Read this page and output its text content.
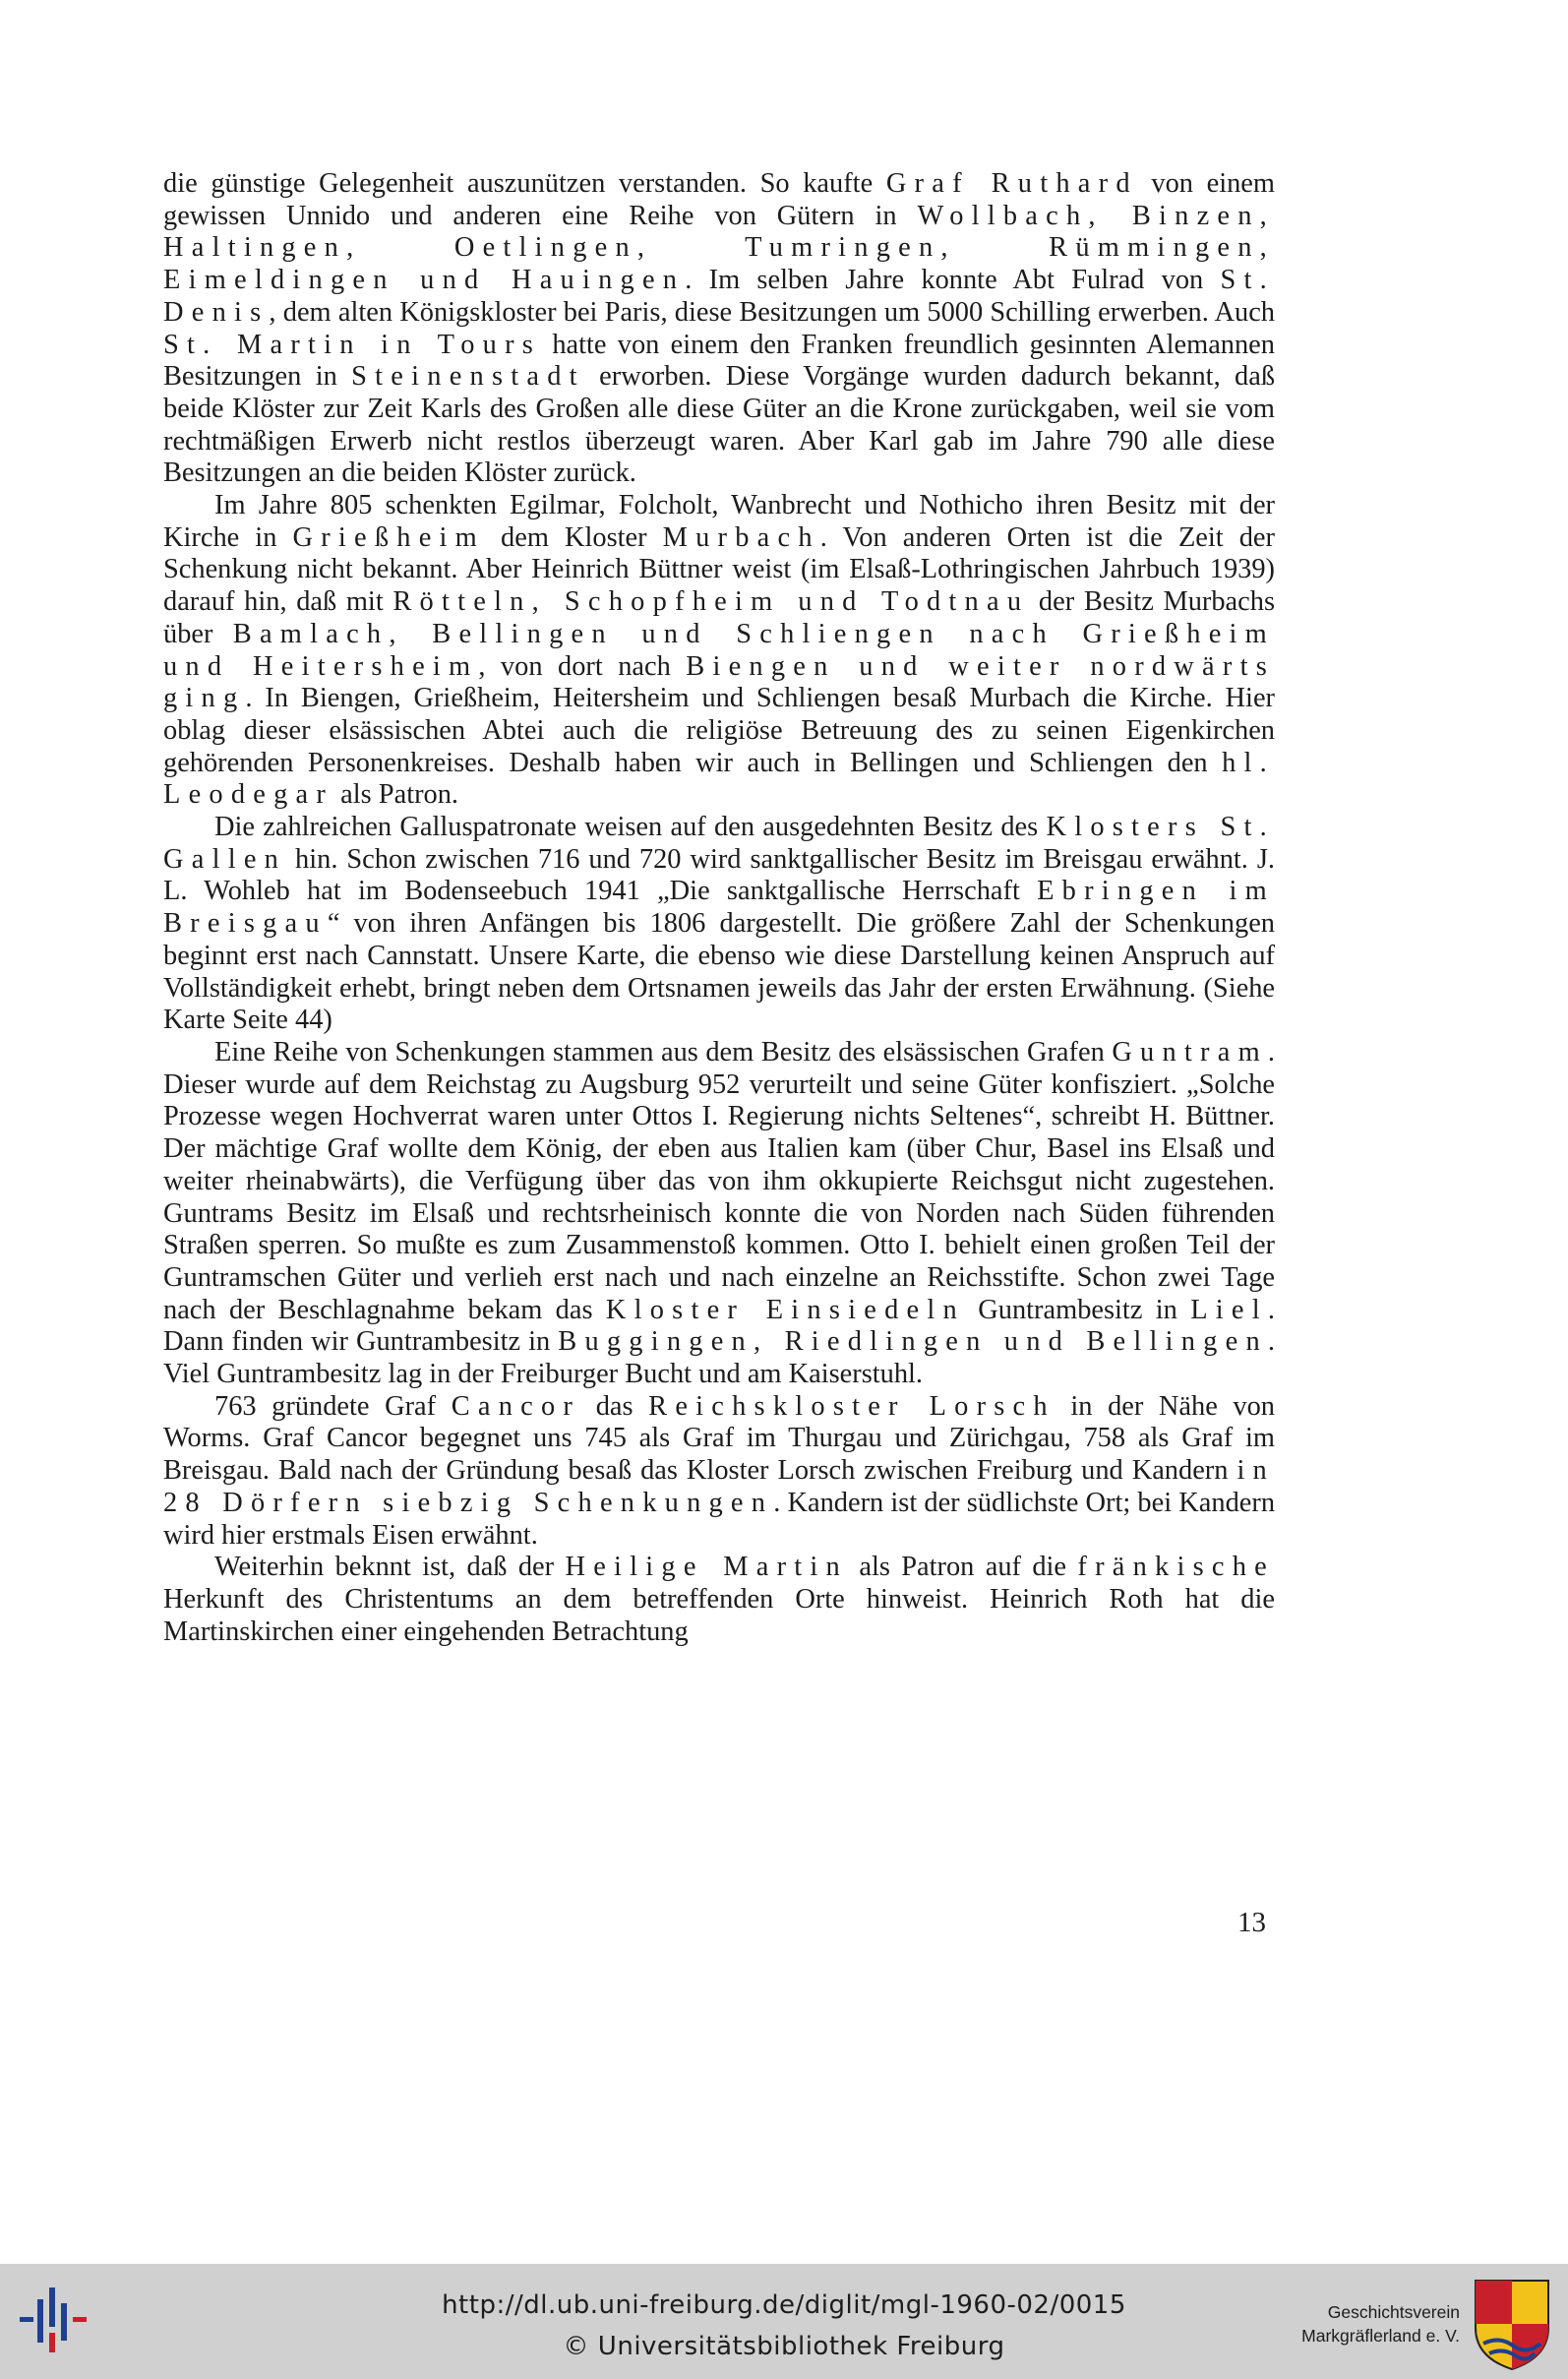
die günstige Gelegenheit auszunützen verstanden. So kaufte Graf Ruthard von einem gewissen Unnido und anderen eine Reihe von Gütern in Wollbach, Binzen, Haltingen, Oetlingen, Tumringen, Rümmingen, Eimeldingen und Hauingen. Im selben Jahre konnte Abt Fulrad von St. Denis, dem alten Königskloster bei Paris, diese Besitzungen um 5000 Schilling erwerben. Auch St. Martin in Tours hatte von einem den Franken freundlich gesinnten Alemannen Besitzungen in Steinenstadt erworben. Diese Vorgänge wurden dadurch bekannt, daß beide Klöster zur Zeit Karls des Großen alle diese Güter an die Krone zurückgaben, weil sie vom rechtmäßigen Erwerb nicht restlos überzeugt waren. Aber Karl gab im Jahre 790 alle diese Besitzungen an die beiden Klöster zurück.

Im Jahre 805 schenkten Egilmar, Folcholt, Wanbrecht und Nothicho ihren Besitz mit der Kirche in Grießheim dem Kloster Murbach. Von anderen Orten ist die Zeit der Schenkung nicht bekannt. Aber Heinrich Büttner weist (im Elsaß-Lothringischen Jahrbuch 1939) darauf hin, daß mit Rötteln, Schopfheim und Todtnau der Besitz Murbachs über Bamlach, Bellingen und Schliengen nach Grießheim und Heitersheim, von dort nach Biengen und weiter nordwärts ging. In Biengen, Grießheim, Heitersheim und Schliengen besaß Murbach die Kirche. Hier oblag dieser elsässischen Abtei auch die religiöse Betreuung des zu seinen Eigenkirchen gehörenden Personenkreises. Deshalb haben wir auch in Bellingen und Schliengen den hl. Leodegar als Patron.

Die zahlreichen Galluspatronate weisen auf den ausgedehnten Besitz des Klosters St. Gallen hin. Schon zwischen 716 und 720 wird sanktgallischer Besitz im Breisgau erwähnt. J. L. Wohleb hat im Bodenseebuch 1941 „Die sanktgallische Herrschaft Ebringen im Breisgau“ von ihren Anfängen bis 1806 dargestellt. Die größere Zahl der Schenkungen beginnt erst nach Cannstatt. Unsere Karte, die ebenso wie diese Darstellung keinen Anspruch auf Vollständigkeit erhebt, bringt neben dem Ortsnamen jeweils das Jahr der ersten Erwähnung. (Siehe Karte Seite 44)

Eine Reihe von Schenkungen stammen aus dem Besitz des elsässischen Grafen Guntram. Dieser wurde auf dem Reichstag zu Augsburg 952 verurteilt und seine Güter konfisziert. „Solche Prozesse wegen Hochverrat waren unter Ottos I. Regierung nichts Seltenes“, schreibt H. Büttner. Der mächtige Graf wollte dem König, der eben aus Italien kam (über Chur, Basel ins Elsaß und weiter rheinabwärts), die Verfügung über das von ihm okkupierte Reichsgut nicht zugestehen. Guntrams Besitz im Elsaß und rechtsrheinisch konnte die von Norden nach Süden führenden Straßen sperren. So mußte es zum Zusammenstoß kommen. Otto I. behielt einen großen Teil der Guntramschen Güter und verlieh erst nach und nach einzelne an Reichsstifte. Schon zwei Tage nach der Beschlagnahme bekam das Kloster Einsiedeln Guntrambesitz in Liel. Dann finden wir Guntrambesitz in Buggingen, Riedlingen und Bellingen. Viel Guntrambesitz lag in der Freiburger Bucht und am Kaiserstuhl.

763 gründete Graf Cancor das Reichskloster Lorsch in der Nähe von Worms. Graf Cancor begegnet uns 745 als Graf im Thurgau und Zürichgau, 758 als Graf im Breisgau. Bald nach der Gründung besaß das Kloster Lorsch zwischen Freiburg und Kandern in 28 Dörfern siebzig Schenkungen. Kandern ist der südlichste Ort; bei Kandern wird hier erstmals Eisen erwähnt.

Weiterhin beknnt ist, daß der Heilige Martin als Patron auf die fränkische Herkunft des Christentums an dem betreffenden Orte hinweist. Heinrich Roth hat die Martinskirchen einer eingehenden Betrachtung

13
http://dl.ub.uni-freiburg.de/diglit/mgl-1960-02/0015
© Universitätsbibliothek Freiburg
Geschichtsverein
Markgräflerland e. V.
